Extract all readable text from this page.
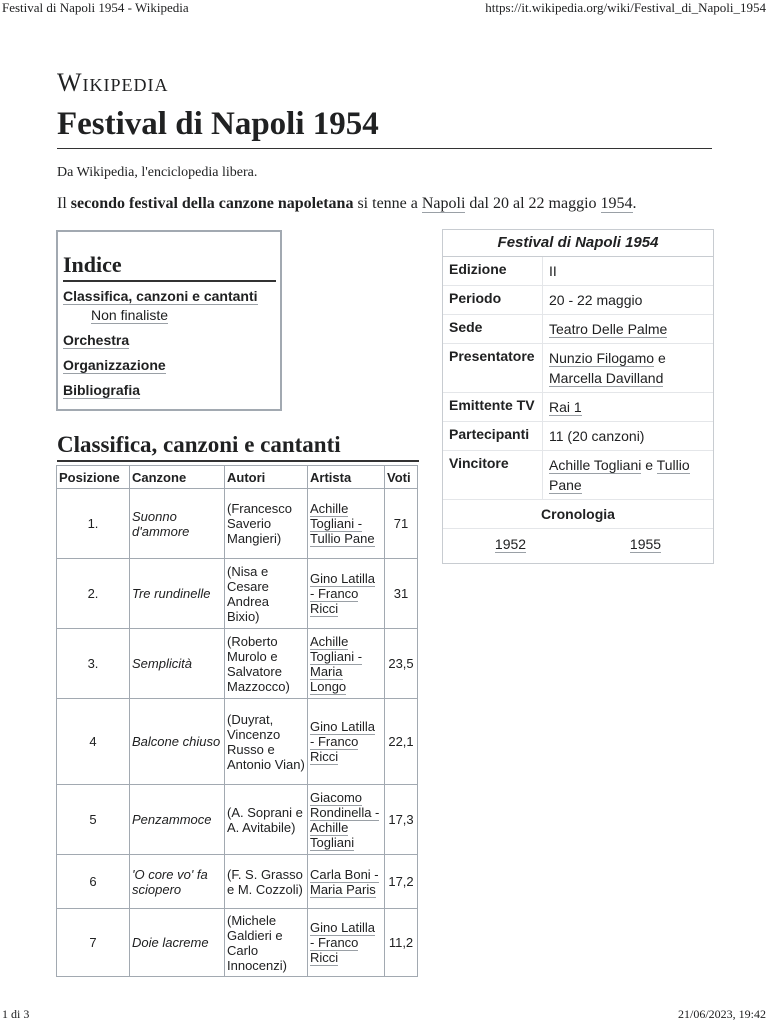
Festival di Napoli 1954 - Wikipedia	https://it.wikipedia.org/wiki/Festival_di_Napoli_1954
Wikipedia
Festival di Napoli 1954
Da Wikipedia, l'enciclopedia libera.
Il secondo festival della canzone napoletana si tenne a Napoli dal 20 al 22 maggio 1954.
Indice
Classifica, canzoni e cantanti
Non finaliste
Orchestra
Organizzazione
Bibliografia
Classifica, canzoni e cantanti
Posizione	Canzone	Autori	Artista	Voti
1.	Suonno d'ammore	(Francesco Saverio Mangieri)	Achille Togliani - Tullio Pane	71
2.	Tre rundinelle	(Nisa e Cesare Andrea Bixio)	Gino Latilla - Franco Ricci	31
3.	Semplicità	(Roberto Murolo e Salvatore Mazzocco)	Achille Togliani - Maria Longo	23,5
4	Balcone chiuso	(Duyrat, Vincenzo Russo e Antonio Vian)	Gino Latilla - Franco Ricci	22,1
5	Penzammoce	(A. Soprani e A. Avitabile)	Giacomo Rondinella - Achille Togliani	17,3
6	'O core vo' fa sciopero	(F. S. Grasso e M. Cozzoli)	Carla Boni - Maria Paris	17,2
7	Doie lacreme	(Michele Galdieri e Carlo Innocenzi)	Gino Latilla - Franco Ricci	11,2
Festival di Napoli 1954
Edizione	II
Periodo	20 - 22 maggio
Sede	Teatro Delle Palme
Presentatore	Nunzio Filogamo e Marcella Davilland
Emittente TV	Rai 1
Partecipanti	11 (20 canzoni)
Vincitore	Achille Togliani e Tullio Pane
Cronologia
1952	1955
1 di 3	21/06/2023, 19:42
